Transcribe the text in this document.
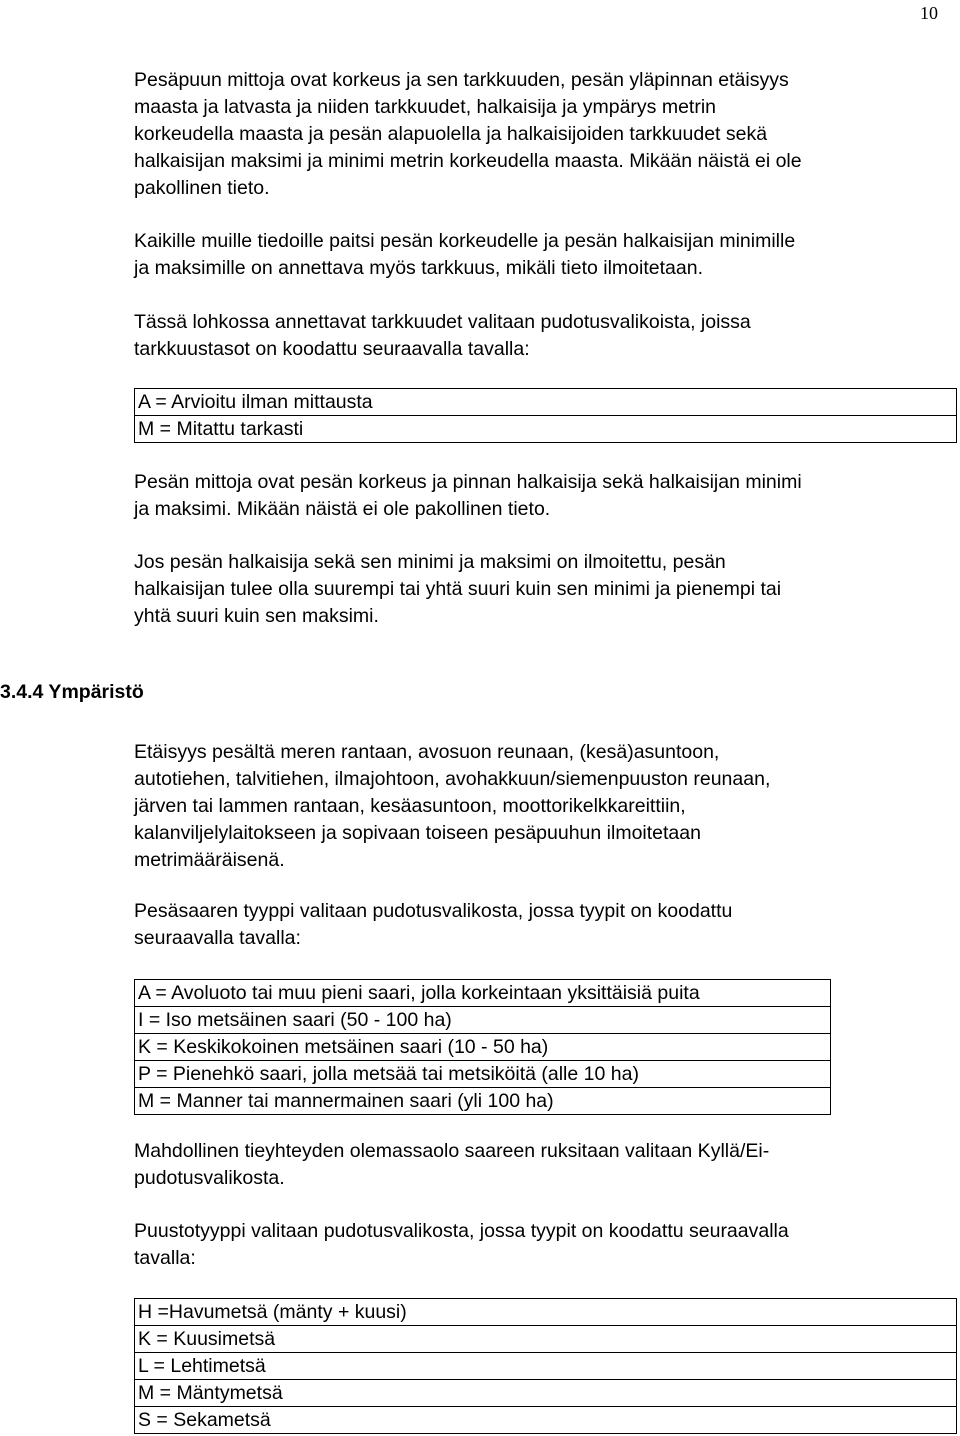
10

Pesäpuun mittoja ovat korkeus ja sen tarkkuuden, pesän yläpinnan etäisyys
maasta ja latvasta ja niiden tarkkuudet, halkaisija ja ympärys metrin
korkeudella maasta ja pesän alapuolella ja halkaisijoiden tarkkuudet sekä
halkaisijan maksimi ja minimi metrin korkeudella maasta. Mikään näistä ei ole
pakollinen tieto.

Kaikille muille tiedoille paitsi pesän korkeudelle ja pesän halkaisijan minimille
ja maksimille on annettava myös tarkkuus, mikäli tieto ilmoitetaan.

Tässä lohkossa annettavat tarkkuudet valitaan pudotusvalikoista, joissa
tarkkuustasot on koodattu seuraavalla tavalla:

A = Arvioitu ilman mittausta
M = Mitattu tarkasti

Pesän mittoja ovat pesän korkeus ja pinnan halkaisija sekä halkaisijan minimi
ja maksimi. Mikään näistä ei ole pakollinen tieto.

Jos pesän halkaisija sekä sen minimi ja maksimi on ilmoitettu, pesän
halkaisijan tulee olla suurempi tai yhtä suuri kuin sen minimi ja pienempi tai
yhtä suuri kuin sen maksimi.

3.4.4 Ympäristö

Etäisyys pesältä meren rantaan, avosuon reunaan, (kesä)asuntoon,
autotiehen, talvitiehen, ilmajohtoon, avohakkuun/siemenpuuston reunaan,
järven tai lammen rantaan, kesäasuntoon, moottorikelkkareittiin,
kalanviljelylaitokseen ja sopivaan toiseen pesäpuuhun ilmoitetaan
metrimääräisenä.

Pesäsaaren tyyppi valitaan pudotusvalikosta, jossa tyypit on koodattu
seuraavalla tavalla:

A = Avoluoto tai muu pieni saari, jolla korkeintaan yksittäisiä puita
I = Iso metsäinen saari (50 - 100 ha)
K = Keskikokoinen metsäinen saari (10 - 50 ha)
P = Pienehkö saari, jolla metsää tai metsiköitä (alle 10 ha)
M = Manner tai mannermainen saari (yli 100 ha)

Mahdollinen tieyhteyden olemassaolo saareen ruksitaan valitaan Kyllä/Ei-
pudotusvalikosta.

Puustotyyppi valitaan pudotusvalikosta, jossa tyypit on koodattu seuraavalla
tavalla:

H =Havumetsä (mänty + kuusi)
K = Kuusimetsä
L = Lehtimetsä
M = Mäntymetsä
S = Sekametsä
